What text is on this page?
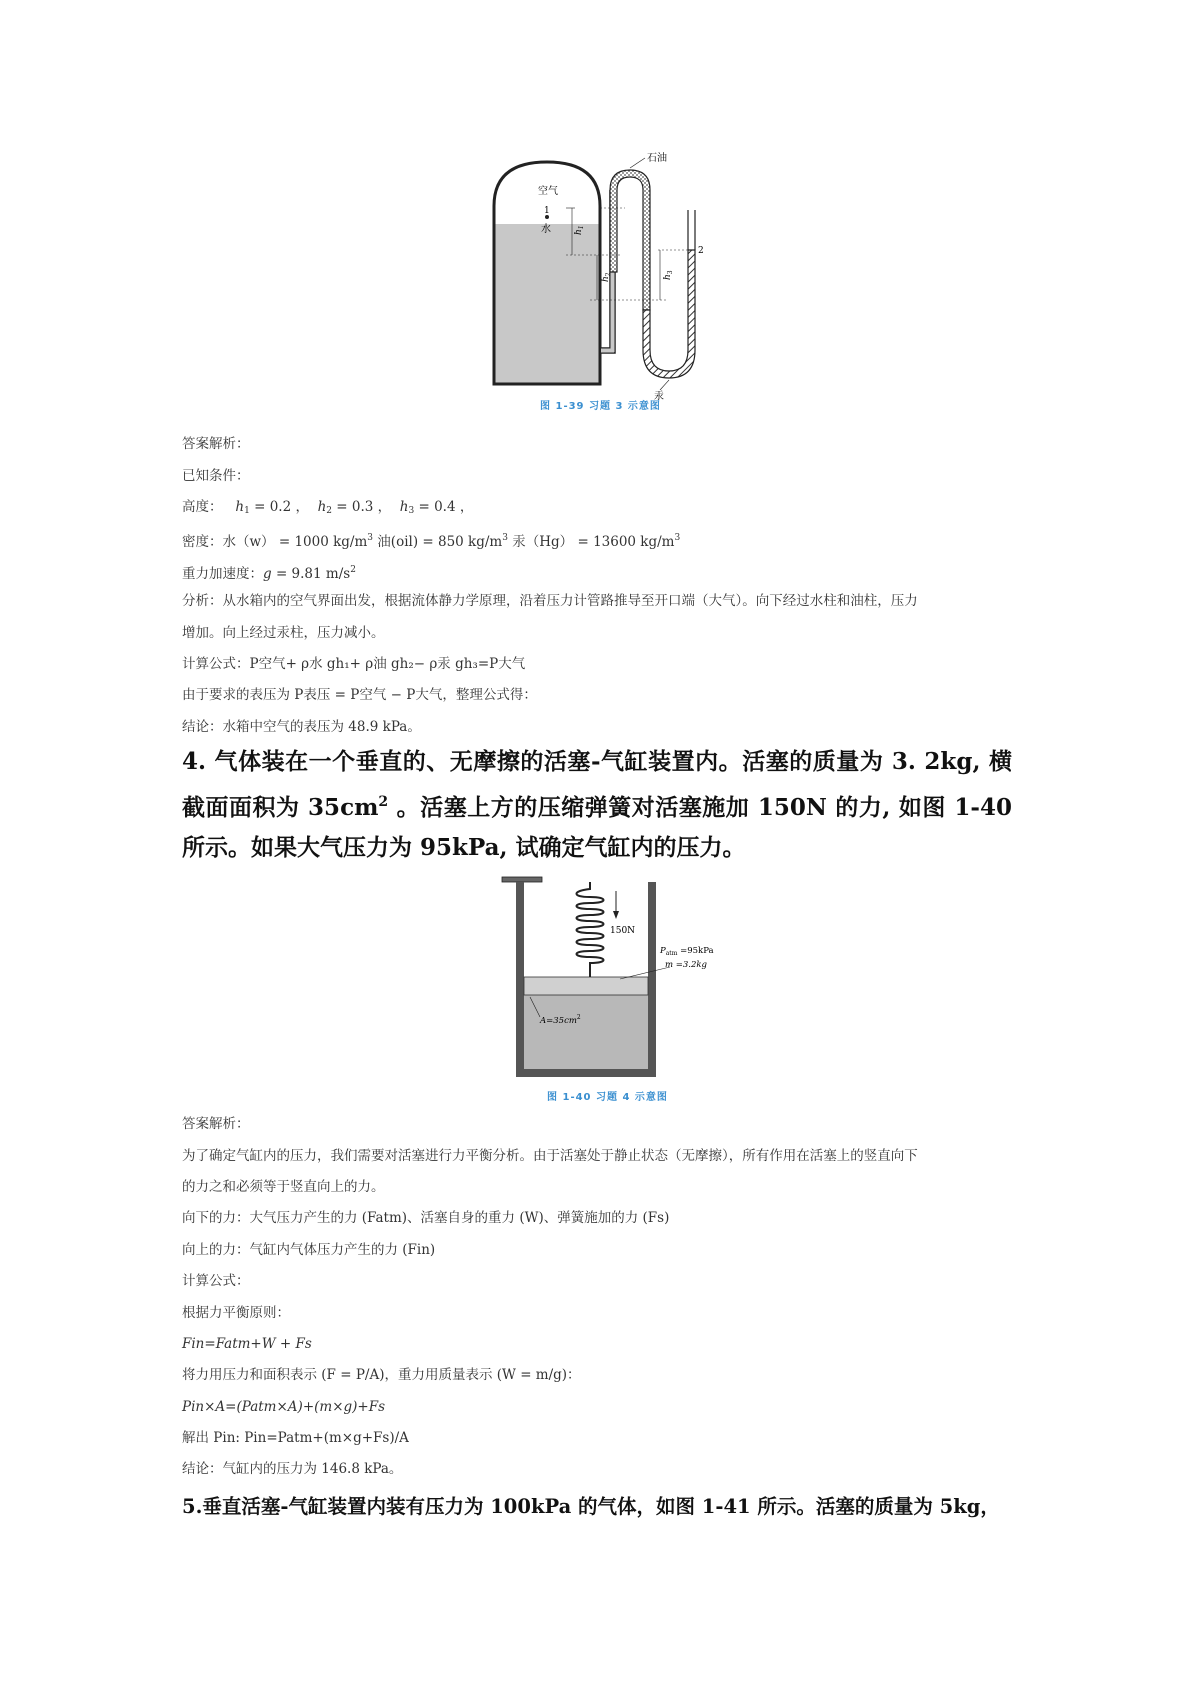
石油
空气
1
水	$h_1$
$h_2$	$h_3$
2
汞
图 1-39 习题 3 示意图
答案解析：
已知条件：
高度： $h_1 = 0.2$ ， $h_2 = 0.3$ ， $h_3 = 0.4$ ，
密度：水（w） = 1000 $kg/m^3$ 油(oil) = 850 $kg/m^3$ 汞（Hg） = 13600 $kg/m^3$
重力加速度：g = 9.81 $m/s^2$
分析：从水箱内的空气界面出发，根据流体静力学原理，沿着压力计管路推导至开口端（大气）。向下经过水柱和油柱，压力
增加。向上经过汞柱，压力减小。
计算公式：P空气+ ρ水 gh₁+ ρ油 gh₂− ρ汞 gh₃=P大气
由于要求的表压为 P表压 = P空气 − P大气，整理公式得：
结论：水箱中空气的表压为 48.9 kPa。
4. 气体装在一个垂直的、无摩擦的活塞-气缸装置内。活塞的质量为 3. 2kg, 横
截面面积为 $35cm^2$ 。活塞上方的压缩弹簧对活塞施加 150N 的力, 如图 1-40
所示。如果大气压力为 95kPa, 试确定气缸内的压力。
150N
$P_{atm} =95kPa$
m =3.2kg
$A=35cm^2$
图 1-40 习题 4 示意图
答案解析：
为了确定气缸内的压力，我们需要对活塞进行力平衡分析。由于活塞处于静止状态（无摩擦），所有作用在活塞上的竖直向下
的力之和必须等于竖直向上的力。
向下的力：大气压力产生的力 (Fatm)、活塞自身的重力 (W)、弹簧施加的力 (Fs)
向上的力：气缸内气体压力产生的力 (Fin)
计算公式：
根据力平衡原则：
Fin=Fatm+W + Fs
将力用压力和面积表示 (F = P/A)，重力用质量表示 (W = m/g)：
Pin×A=(Patm×A)+(m×g)+Fs
解出 Pin: Pin=Patm+(m×g+Fs)/A
结论：气缸内的压力为 146.8 kPa。
5.垂直活塞-气缸装置内装有压力为 100kPa 的气体，如图 1-41 所示。活塞的质量为 5kg，
